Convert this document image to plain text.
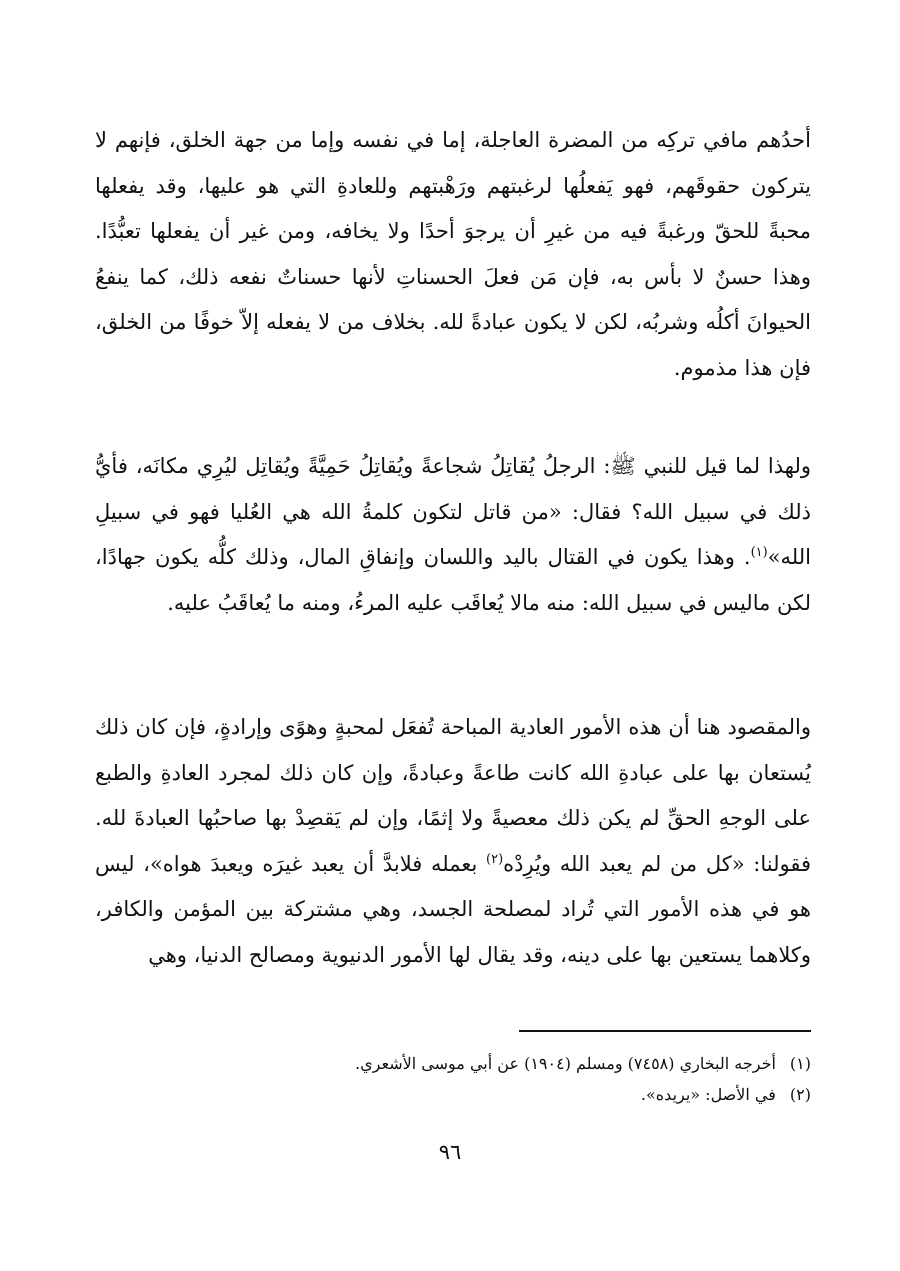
أحدُهم مافي تركِه من المضرة العاجلة، إما في نفسه وإما من جهة الخلق، فإنهم لا يتركون حقوقَهم، فهو يَفعلُها لرغبتهم ورَهْبتهم وللعادةِ التي هو عليها، وقد يفعلها محبةً للحقّ ورغبةً فيه من غيرِ أن يرجوَ أحدًا ولا يخافه، ومن غير أن يفعلها تعبُّدًا. وهذا حسنٌ لا بأس به، فإن مَن فعلَ الحسناتِ لأنها حسناتٌ نفعه ذلك، كما ينفعُ الحيوانَ أكلُه وشربُه، لكن لا يكون عبادةً لله. بخلاف من لا يفعله إلاّ خوفًا من الخلق، فإن هذا مذموم.

ولهذا لما قيل للنبي ﷺ: الرجلُ يُقاتِلُ شجاعةً ويُقاتِلُ حَمِيَّةً ويُقاتِل ليُرِي مكانَه، فأيُّ ذلك في سبيل الله؟ فقال: «من قاتل لتكون كلمةُ الله هي العُليا فهو في سبيلِ الله»$^{(١)}$. وهذا يكون في القتال باليد واللسان وإنفاقِ المال، وذلك كلُّه يكون جهادًا، لكن ماليس في سبيل الله: منه مالا يُعاقَب عليه المرءُ، ومنه ما يُعاقَبُ عليه.

والمقصود هنا أن هذه الأمور العادية المباحة تُفعَل لمحبةٍ وهوًى وإرادةٍ، فإن كان ذلك يُستعان بها على عبادةِ الله كانت طاعةً وعبادةً، وإن كان ذلك لمجرد العادةِ والطبع على الوجهِ الحقِّ لم يكن ذلك معصيةً ولا إثمًا، وإن لم يَقصِدْ بها صاحبُها العبادةَ لله. فقولنا: «كل من لم يعبد الله ويُرِدْه$^{(٢)}$ بعمله فلابدَّ أن يعبد غيرَه ويعبدَ هواه»، ليس هو في هذه الأمور التي تُراد لمصلحة الجسد، وهي مشتركة بين المؤمن والكافر، وكلاهما يستعين بها على دينه، وقد يقال لها الأمور الدنيوية ومصالح الدنيا، وهي

(١)
أخرجه البخاري (٧٤٥٨) ومسلم (١٩٠٤) عن أبي موسى الأشعري.
(٢)
في الأصل: «يريده».
٩٦
